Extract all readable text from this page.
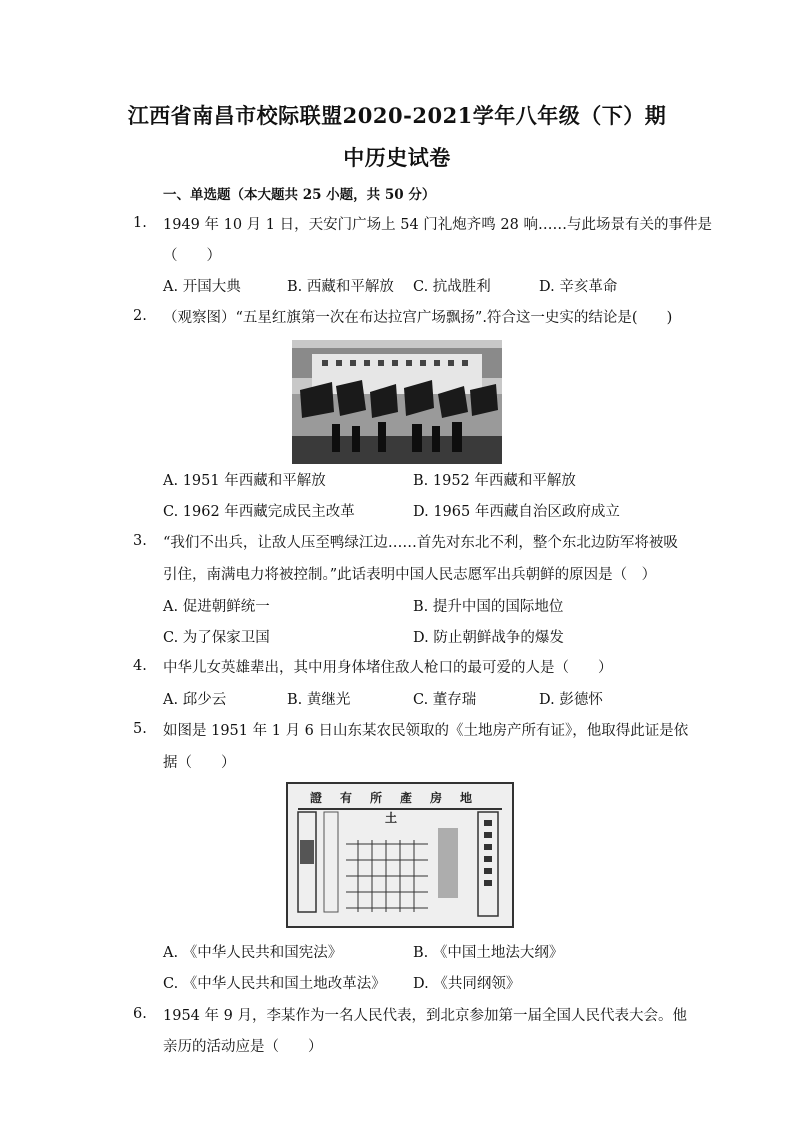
江西省南昌市校际联盟2020-2021学年八年级（下）期
中历史试卷
一、单选题（本大题共 25 小题，共 50 分）
1. 1949 年 10 月 1 日，天安门广场上 54 门礼炮齐鸣 28 响……与此场景有关的事件是
（　　）
A. 开国大典	B. 西藏和平解放 C. 抗战胜利	D. 辛亥革命
2. （观察图）“五星红旗第一次在布达拉宫广场飘扬”.符合这一史实的结论是(　　)
A. 1951 年西藏和平解放	B. 1952 年西藏和平解放
C. 1962 年西藏完成民主改革	D. 1965 年西藏自治区政府成立
3. “我们不出兵，让敌人压至鸭绿江边……首先对东北不利，整个东北边防军将被吸
引住，南满电力将被控制。”此话表明中国人民志愿军出兵朝鲜的原因是（　）
A. 促进朝鲜统一	B. 提升中国的国际地位
C. 为了保家卫国	D. 防止朝鲜战争的爆发
4. 中华儿女英雄辈出，其中用身体堵住敌人枪口的最可爱的人是（　　）
A. 邱少云	B. 黄继光	C. 董存瑞	D. 彭德怀
5. 如图是 1951 年 1 月 6 日山东某农民领取的《土地房产所有证》，他取得此证是依
据（　　）
證有所產房地土
A. 《中华人民共和国宪法》	B. 《中国土地法大纲》
C. 《中华人民共和国土地改革法》 D. 《共同纲领》
6. 1954 年 9 月，李某作为一名人民代表，到北京参加第一届全国人民代表大会。他
亲历的活动应是（　　）
